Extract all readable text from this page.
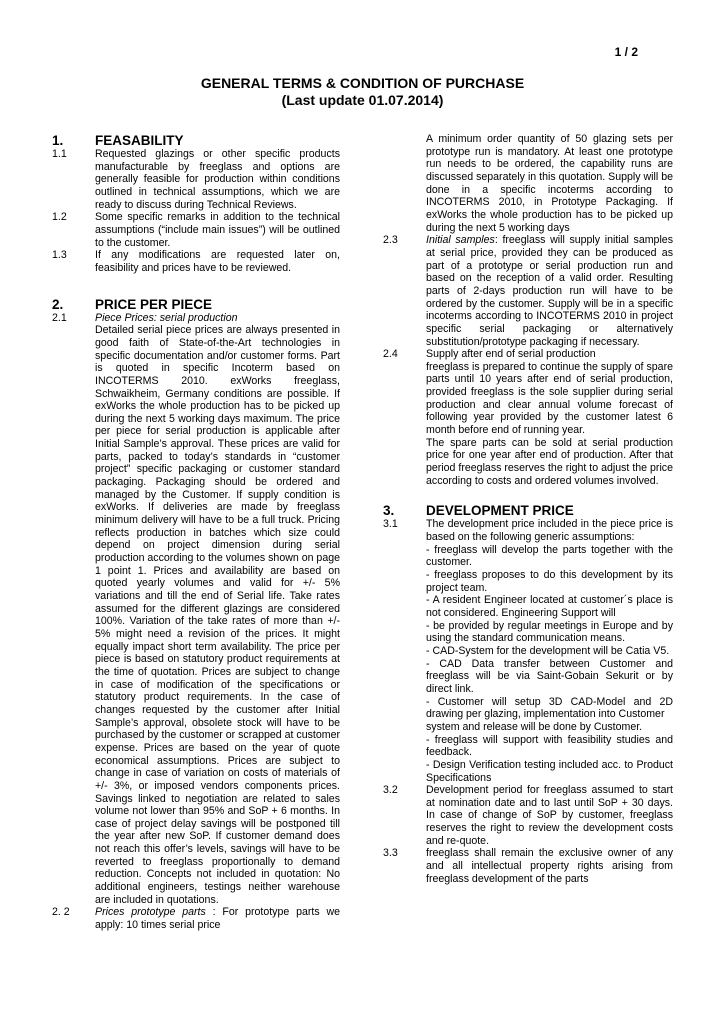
1 / 2
GENERAL TERMS & CONDITION OF PURCHASE
(Last update 01.07.2014)
1.	FEASABILITY
1.1	Requested glazings or other specific products manufacturable by freeglass and options are generally feasible for production within conditions outlined in technical assumptions, which we are ready to discuss during Technical Reviews.
1.2	Some specific remarks in addition to the technical assumptions (“include main issues”) will be outlined to the customer.
1.3	If any modifications are requested later on, feasibility and prices have to be reviewed.
2.	PRICE PER PIECE
2.1	Piece Prices: serial production

Detailed serial piece prices are always presented in good faith of State-of-the-Art technologies in specific documentation and/or customer forms. Part is quoted in specific Incoterm based on INCOTERMS 2010. exWorks freeglass, Schwaikheim, Germany conditions are possible. If exWorks the whole production has to be picked up during the next 5 working days maximum. The price per piece for serial production is applicable after Initial Sample’s approval. These prices are valid for parts, packed to today’s standards in “customer project” specific packaging or customer standard packaging. Packaging should be ordered and managed by the Customer. If supply condition is exWorks. If deliveries are made by freeglass minimum delivery will have to be a full truck. Pricing reflects production in batches which size could depend on project dimension during serial production according to the volumes shown on page 1 point 1. Prices and availability are based on quoted yearly volumes and valid for +/- 5% variations and till the end of Serial life. Take rates assumed for the different glazings are considered 100%. Variation of the take rates of more than +/- 5% might need a revision of the prices. It might equally impact short term availability. The price per piece is based on statutory product requirements at the time of quotation. Prices are subject to change in case of modification of the specifications or statutory product requirements. In the case of changes requested by the customer after Initial Sample’s approval, obsolete stock will have to be purchased by the customer or scrapped at customer expense. Prices are based on the year of quote economical assumptions. Prices are subject to change in case of variation on costs of materials of +/- 3%, or imposed vendors components prices. Savings linked to negotiation are related to sales volume not lower than 95% and SoP + 6 months. In case of project delay savings will be postponed till the year after new SoP. If customer demand does not reach this offer’s levels, savings will have to be reverted to freeglass proportionally to demand reduction. Concepts not included in quotation: No additional engineers, testings neither warehouse are included in quotations.

2. 2	Prices prototype parts : For prototype parts we apply: 10 times serial price

A minimum order quantity of 50 glazing sets per prototype run is mandatory. At least one prototype run needs to be ordered, the capability runs are discussed separately in this quotation. Supply will be done in a specific incoterms according to INCOTERMS 2010, in Prototype Packaging. If exWorks the whole production has to be picked up during the next 5 working days

2.3	Initial samples: freeglass will supply initial samples at serial price, provided they can be produced as part of a prototype or serial production run and based on the reception of a valid order. Resulting parts of 2-days production run will have to be ordered by the customer. Supply will be in a specific incoterms according to INCOTERMS 2010 in project specific serial packaging or alternatively substitution/prototype packaging if necessary.
2.4	Supply after end of serial production

freeglass is prepared to continue the supply of spare parts until 10 years after end of serial production, provided freeglass is the sole supplier during serial production and clear annual volume forecast of following year provided by the customer latest 6 month before end of running year.

The spare parts can be sold at serial production price for one year after end of production. After that period freeglass reserves the right to adjust the price according to costs and ordered volumes involved.

3.	DEVELOPMENT PRICE
3.1	The development price included in the piece price is based on the following generic assumptions:

- freeglass will develop the parts together with the customer.

- freeglass proposes to do this development by its project team.

- A resident Engineer located at customer´s place is not considered. Engineering Support will

- be provided by regular meetings in Europe and by using the standard communication means.

- CAD-System for the development will be Catia V5.

- CAD Data transfer between Customer and freeglass will be via Saint-Gobain Sekurit or by direct link.

- Customer will setup 3D CAD-Model and 2D drawing per glazing, implementation into Customer

system and release will be done by Customer.

- freeglass will support with feasibility studies and feedback.

- Design Verification testing included acc. to Product Specifications

3.2	Development period for freeglass assumed to start at nomination date and to last until SoP + 30 days. In case of change of SoP by customer, freeglass reserves the right to review the development costs and re-quote.
3.3	freeglass shall remain the exclusive owner of any and all intellectual property rights arising from freeglass development of the parts
